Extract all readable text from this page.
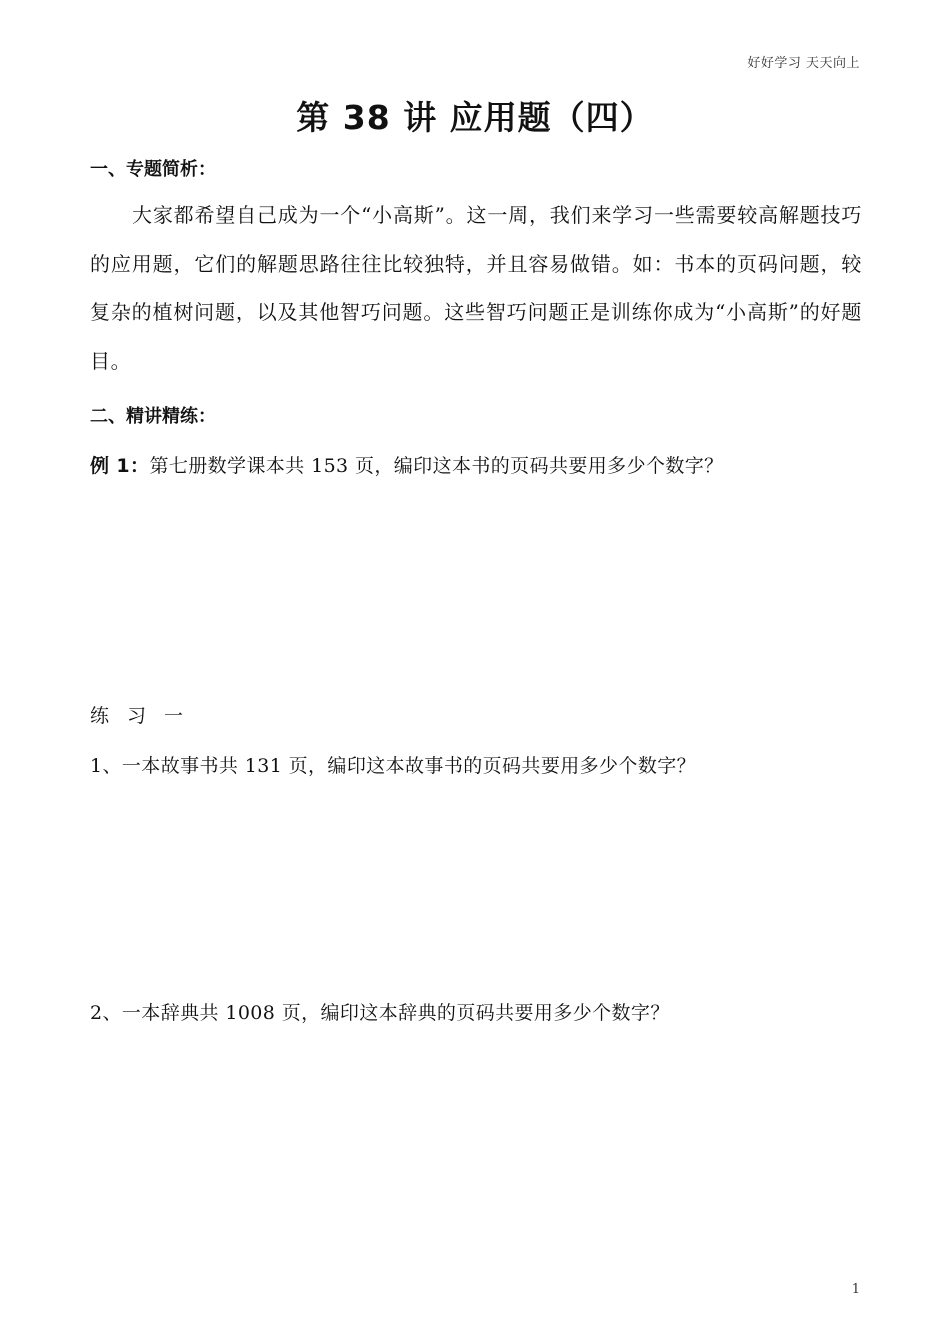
好好学习 天天向上
第 38 讲 应用题（四）
一、专题简析：
大家都希望自己成为一个“小高斯”。这一周，我们来学习一些需要较高解题技巧的应用题，它们的解题思路往往比较独特，并且容易做错。如：书本的页码问题，较复杂的植树问题，以及其他智巧问题。这些智巧问题正是训练你成为“小高斯”的好题目。
二、精讲精练：
例 1：第七册数学课本共 153 页，编印这本书的页码共要用多少个数字？
练习一
1、一本故事书共 131 页，编印这本故事书的页码共要用多少个数字？
2、一本辞典共 1008 页，编印这本辞典的页码共要用多少个数字？
1
